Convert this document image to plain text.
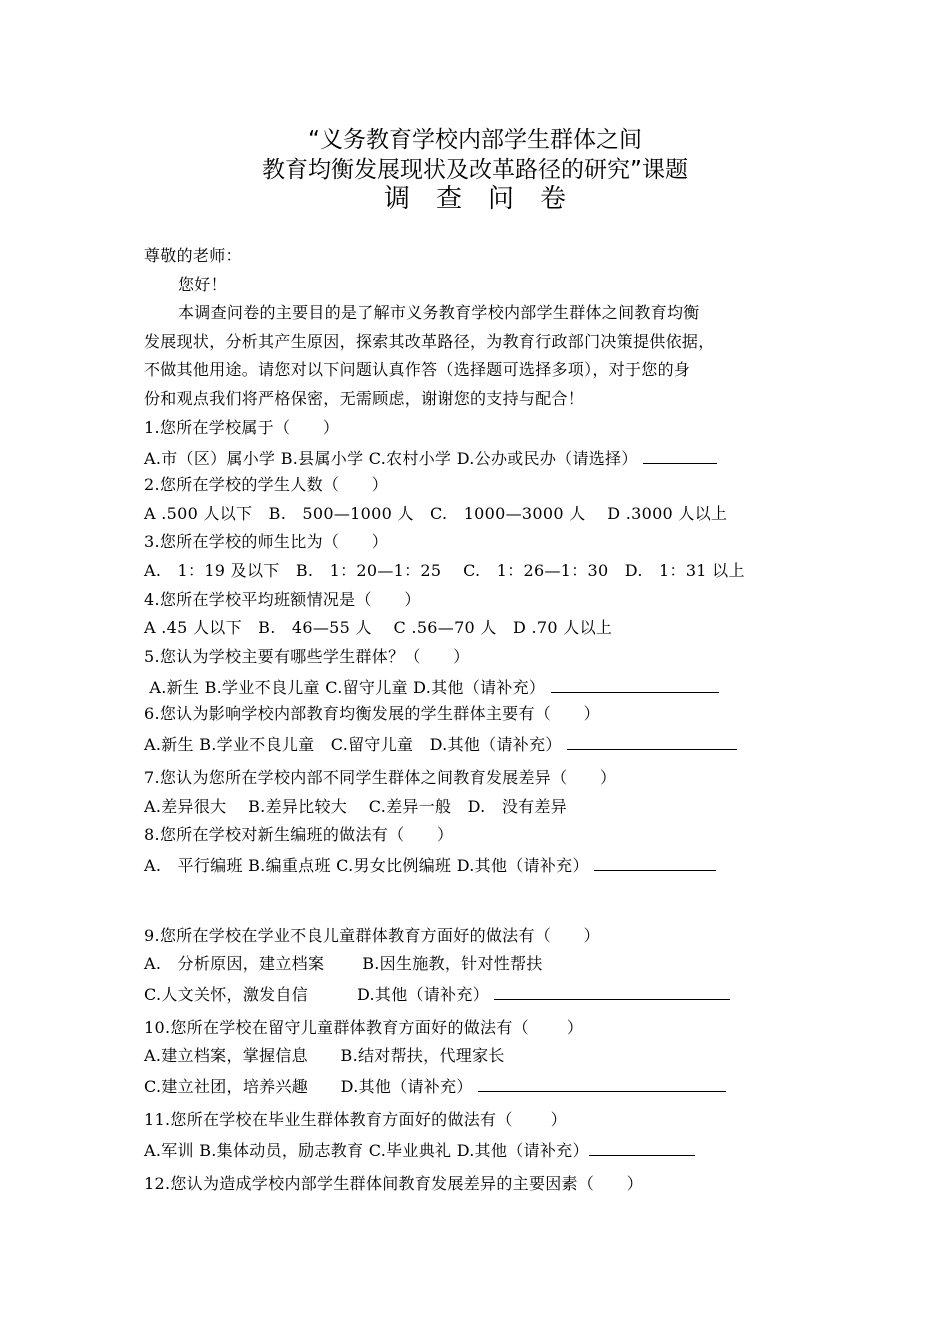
“义务教育学校内部学生群体之间
教育均衡发展现状及改革路径的研究”课题
调查问卷
尊敬的老师：
您好！
本调查问卷的主要目的是了解市义务教育学校内部学生群体之间教育均衡
发展现状，分析其产生原因，探索其改革路径，为教育行政部门决策提供依据，
不做其他用途。请您对以下问题认真作答（选择题可选择多项），对于您的身
份和观点我们将严格保密，无需顾虑，谢谢您的支持与配合！
1.您所在学校属于（　　）
A.市（区）属小学 B.县属小学 C.农村小学 D.公办或民办（请选择）
2.您所在学校的学生人数（　　）
A .500 人以下　B.　500—1000 人　C.　1000—3000 人　 D .3000 人以上
3.您所在学校的师生比为（　　）
A.　1：19 及以下　B.　1：20—1：25　 C.　1：26—1：30　D.　1：31 以上
4.您所在学校平均班额情况是（　　）
A .45 人以下　B.　46—55 人　 C .56—70 人　D .70 人以上
5.您认为学校主要有哪些学生群体？（　　）
A.新生 B.学业不良儿童 C.留守儿童 D.其他（请补充）
6.您认为影响学校内部教育均衡发展的学生群体主要有（　　）
A.新生 B.学业不良儿童　C.留守儿童　D.其他（请补充）
7.您认为您所在学校内部不同学生群体之间教育发展差异（　　）
A.差异很大　 B.差异比较大　 C.差异一般　D.　没有差异
8.您所在学校对新生编班的做法有（　　）
A.　平行编班 B.编重点班 C.男女比例编班 D.其他（请补充）
9.您所在学校在学业不良儿童群体教育方面好的做法有（　　）
A.　分析原因，建立档案　　 B.因生施教，针对性帮扶
C.人文关怀，激发自信　　　D.其他（请补充）
10.您所在学校在留守儿童群体教育方面好的做法有（　　 ）
A.建立档案，掌握信息　　B.结对帮扶，代理家长
C.建立社团，培养兴趣　　D.其他（请补充）
11.您所在学校在毕业生群体教育方面好的做法有（　　 ）
A.军训 B.集体动员，励志教育 C.毕业典礼 D.其他（请补充）
12.您认为造成学校内部学生群体间教育发展差异的主要因素（　　）
